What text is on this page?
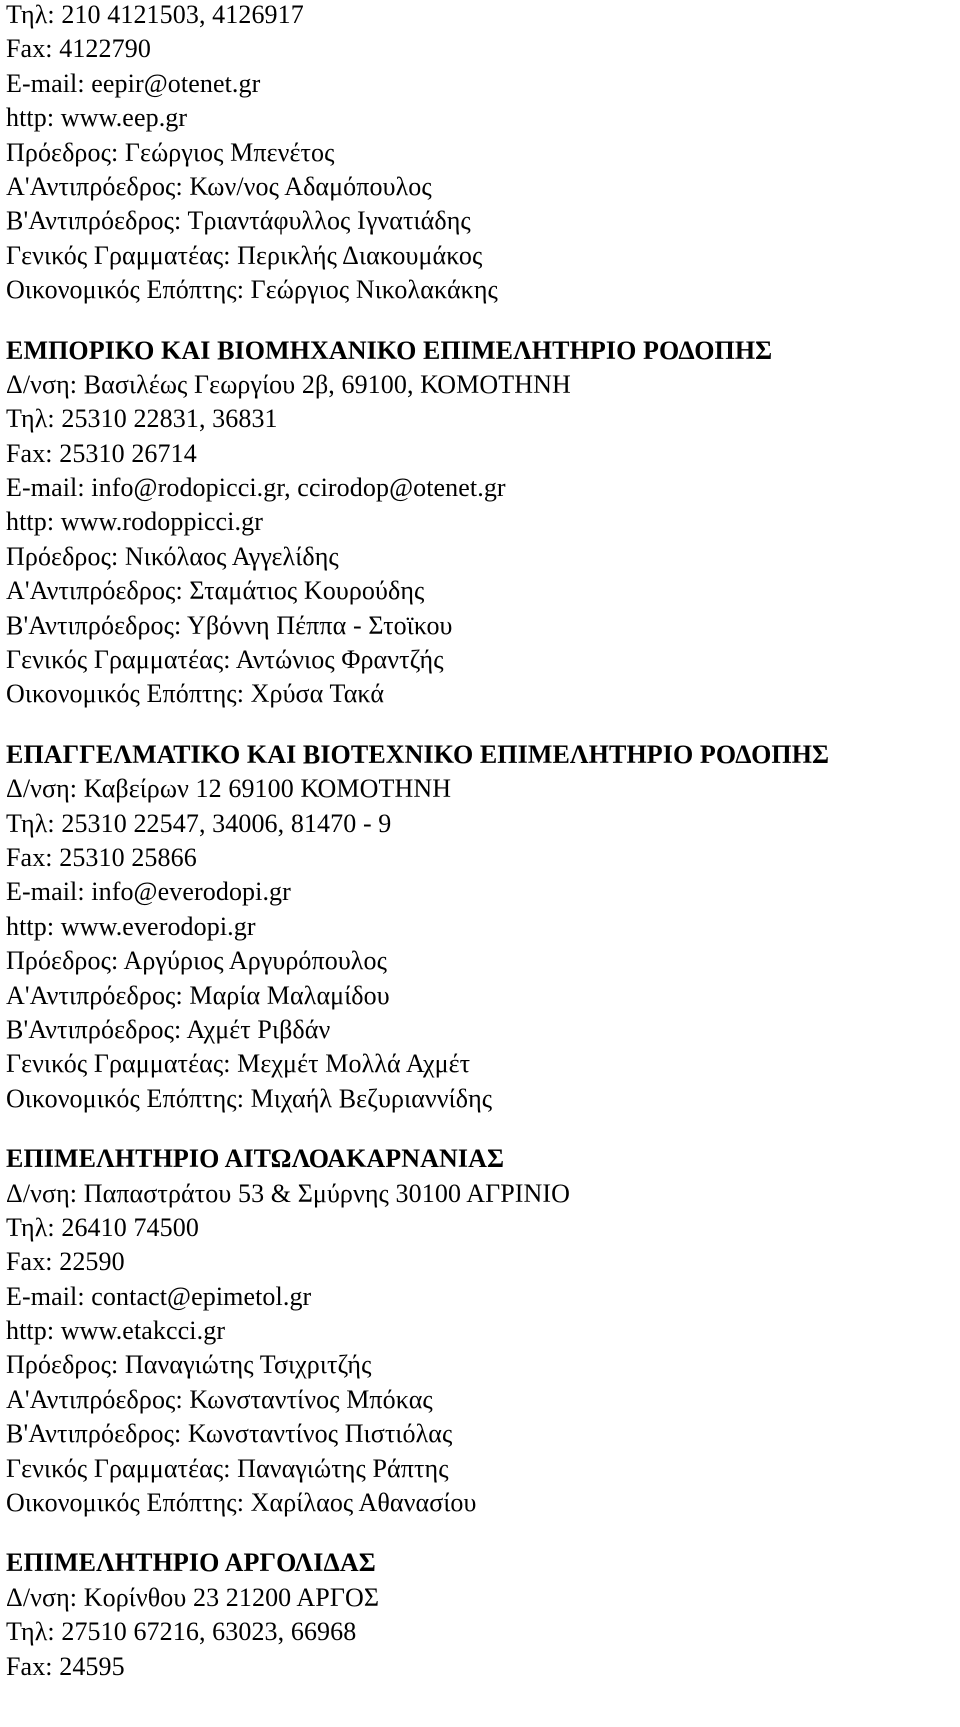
Τηλ: 210 4121503, 4126917
Fax: 4122790
E-mail: eepir@otenet.gr
http: www.eep.gr
Πρόεδρος: Γεώργιος Μπενέτος
Α'Αντιπρόεδρος: Κων/νος Αδαμόπουλος
Β'Αντιπρόεδρος: Τριαντάφυλλος Ιγνατιάδης
Γενικός Γραμματέας: Περικλής Διακουμάκος
Οικονομικός Επόπτης: Γεώργιος Νικολακάκης
ΕΜΠΟΡΙΚΟ ΚΑΙ ΒΙΟΜΗΧΑΝΙΚΟ ΕΠΙΜΕΛΗΤΗΡΙΟ ΡΟΔΟΠΗΣ
Δ/νση: Βασιλέως Γεωργίου 2β, 69100, ΚΟΜΟΤΗΝΗ
Τηλ: 25310 22831, 36831
Fax: 25310 26714
E-mail: info@rodopicci.gr, ccirodop@otenet.gr
http: www.rodoppicci.gr
Πρόεδρος: Νικόλαος Αγγελίδης
Α'Αντιπρόεδρος: Σταμάτιος Κουρούδης
Β'Αντιπρόεδρος: Υβόννη Πέππα - Στοϊκου
Γενικός Γραμματέας: Αντώνιος Φραντζής
Οικονομικός Επόπτης: Χρύσα Τακά
ΕΠΑΓΓΕΛΜΑΤΙΚΟ ΚΑΙ ΒΙΟΤΕΧΝΙΚΟ ΕΠΙΜΕΛΗΤΗΡΙΟ ΡΟΔΟΠΗΣ
Δ/νση: Καβείρων 12 69100 ΚΟΜΟΤΗΝΗ
Τηλ: 25310 22547, 34006, 81470 - 9
Fax: 25310 25866
E-mail: info@everodopi.gr
http: www.everodopi.gr
Πρόεδρος: Αργύριος Αργυρόπουλος
Α'Αντιπρόεδρος: Μαρία Μαλαμίδου
Β'Αντιπρόεδρος: Αχμέτ Ριβδάν
Γενικός Γραμματέας: Μεχμέτ Μολλά Αχμέτ
Οικονομικός Επόπτης: Μιχαήλ Βεζυριαννίδης
ΕΠΙΜΕΛΗΤΗΡΙΟ ΑΙΤΩΛΟΑΚΑΡΝΑΝΙΑΣ
Δ/νση: Παπαστράτου 53 & Σμύρνης 30100 ΑΓΡΙΝΙΟ
Τηλ: 26410 74500
Fax: 22590
E-mail: contact@epimetol.gr
http: www.etakcci.gr
Πρόεδρος: Παναγιώτης Τσιχριτζής
Α'Αντιπρόεδρος: Κωνσταντίνος Μπόκας
Β'Αντιπρόεδρος: Κωνσταντίνος Πιστιόλας
Γενικός Γραμματέας: Παναγιώτης Ράπτης
Οικονομικός Επόπτης: Χαρίλαος Αθανασίου
ΕΠΙΜΕΛΗΤΗΡΙΟ ΑΡΓΟΛΙΔΑΣ
Δ/νση: Κορίνθου 23 21200 ΑΡΓΟΣ
Τηλ: 27510 67216, 63023, 66968
Fax: 24595
